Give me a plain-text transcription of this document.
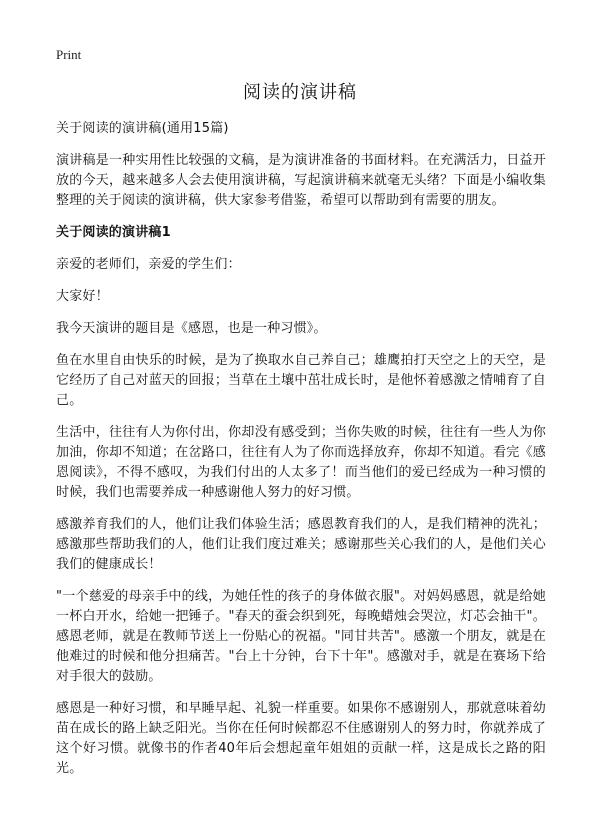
Print
阅读的演讲稿

关于阅读的演讲稿(通用15篇)

演讲稿是一种实用性比较强的文稿，是为演讲准备的书面材料。在充满活力，日益开放的今天，越来越多人会去使用演讲稿，写起演讲稿来就毫无头绪？下面是小编收集整理的关于阅读的演讲稿，供大家参考借鉴，希望可以帮助到有需要的朋友。

关于阅读的演讲稿1

亲爱的老师们，亲爱的学生们：

大家好！

我今天演讲的题目是《感恩，也是一种习惯》。

鱼在水里自由快乐的时候，是为了换取水自己养自己；雄鹰拍打天空之上的天空，是它经历了自己对蓝天的回报；当草在土壤中茁壮成长时，是他怀着感激之情哺育了自己。

生活中，往往有人为你付出，你却没有感受到；当你失败的时候，往往有一些人为你加油，你却不知道；在岔路口，往往有人为了你而选择放弃，你却不知道。看完《感恩阅读》，不得不感叹，为我们付出的人太多了！而当他们的爱已经成为一种习惯的时候，我们也需要养成一种感谢他人努力的好习惯。

感激养育我们的人，他们让我们体验生活；感恩教育我们的人，是我们精神的洗礼；感激那些帮助我们的人，他们让我们度过难关；感谢那些关心我们的人，是他们关心我们的健康成长！

"一个慈爱的母亲手中的线，为她任性的孩子的身体做衣服"。对妈妈感恩，就是给她一杯白开水，给她一把锤子。"春天的蚕会织到死，每晚蜡烛会哭泣，灯芯会抽干"。感恩老师，就是在教师节送上一份贴心的祝福。"同甘共苦"。感激一个朋友，就是在他难过的时候和他分担痛苦。"台上十分钟，台下十年"。感激对手，就是在赛场下给对手很大的鼓励。

感恩是一种好习惯，和早睡早起、礼貌一样重要。如果你不感谢别人，那就意味着幼苗在成长的路上缺乏阳光。当你在任何时候都忍不住感谢别人的努力时，你就养成了这个好习惯。就像书的作者40年后会想起童年姐姐的贡献一样，这是成长之路的阳光。
